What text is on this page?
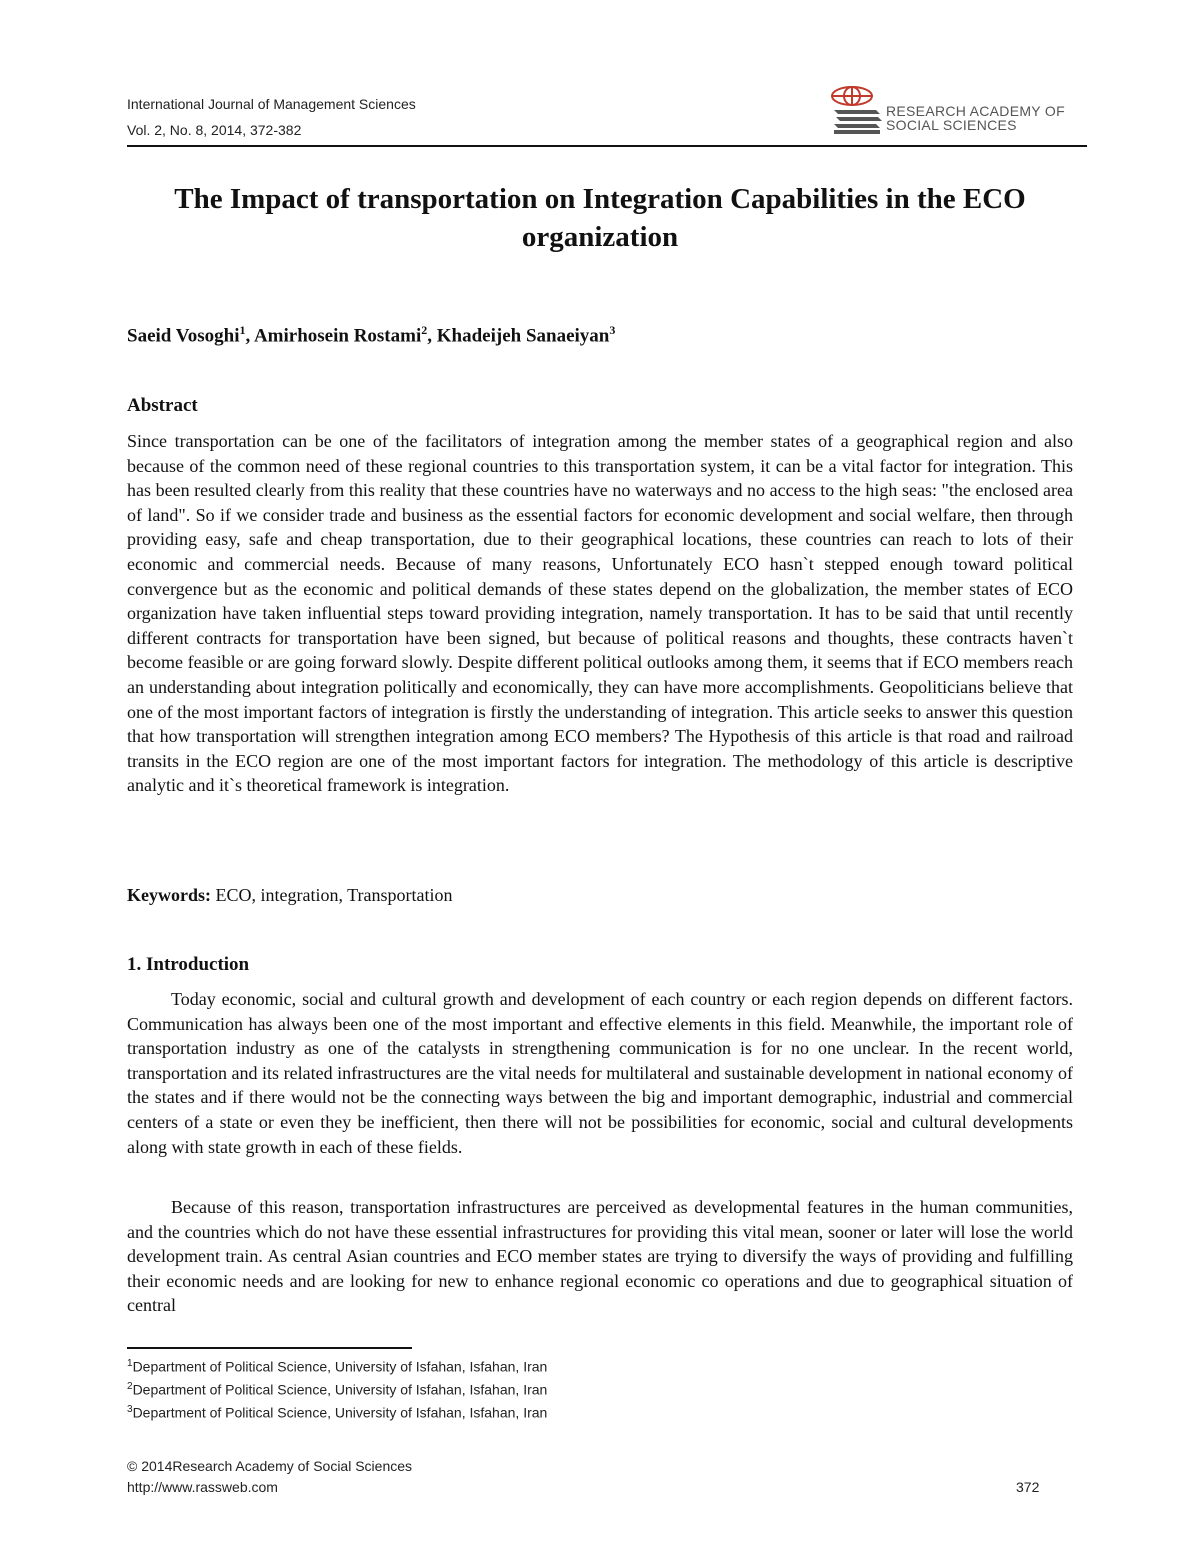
International Journal of Management Sciences
Vol. 2, No. 8, 2014, 372-382
RESEARCH ACADEMY OF
SOCIAL SCIENCES
The Impact of transportation on Integration Capabilities in the ECO organization
Saeid Vosoghi$^1$, Amirhosein Rostami$^2$, Khadeijeh Sanaeiyan$^3$
Abstract

Since transportation can be one of the facilitators of integration among the member states of a geographical region and also because of the common need of these regional countries to this transportation system, it can be a vital factor for integration. This has been resulted clearly from this reality that these countries have no waterways and no access to the high seas: "the enclosed area of land". So if we consider trade and business as the essential factors for economic development and social welfare, then through providing easy, safe and cheap transportation, due to their geographical locations, these countries can reach to lots of their economic and commercial needs. Because of many reasons, Unfortunately ECO hasn`t stepped enough toward political convergence but as the economic and political demands of these states depend on the globalization, the member states of ECO organization have taken influential steps toward providing integration, namely transportation. It has to be said that until recently different contracts for transportation have been signed, but because of political reasons and thoughts, these contracts haven`t become feasible or are going forward slowly. Despite different political outlooks among them, it seems that if ECO members reach an understanding about integration politically and economically, they can have more accomplishments. Geopoliticians believe that one of the most important factors of integration is firstly the understanding of integration. This article seeks to answer this question that how transportation will strengthen integration among ECO members? The Hypothesis of this article is that road and railroad transits in the ECO region are one of the most important factors for integration. The methodology of this article is descriptive analytic and it`s theoretical framework is integration.

Keywords: ECO, integration, Transportation
1. Introduction

Today economic, social and cultural growth and development of each country or each region depends on different factors. Communication has always been one of the most important and effective elements in this field. Meanwhile, the important role of transportation industry as one of the catalysts in strengthening communication is for no one unclear. In the recent world, transportation and its related infrastructures are the vital needs for multilateral and sustainable development in national economy of the states and if there would not be the connecting ways between the big and important demographic, industrial and commercial centers of a state or even they be inefficient, then there will not be possibilities for economic, social and cultural developments along with state growth in each of these fields.

Because of this reason, transportation infrastructures are perceived as developmental features in the human communities, and the countries which do not have these essential infrastructures for providing this vital mean, sooner or later will lose the world development train. As central Asian countries and ECO member states are trying to diversify the ways of providing and fulfilling their economic needs and are looking for new to enhance regional economic co operations and due to geographical situation of central

$^1$Department of Political Science, University of Isfahan, Isfahan, Iran
$^2$Department of Political Science, University of Isfahan, Isfahan, Iran
$^3$Department of Political Science, University of Isfahan, Isfahan, Iran
© 2014Research Academy of Social Sciences
http://www.rassweb.com	372
